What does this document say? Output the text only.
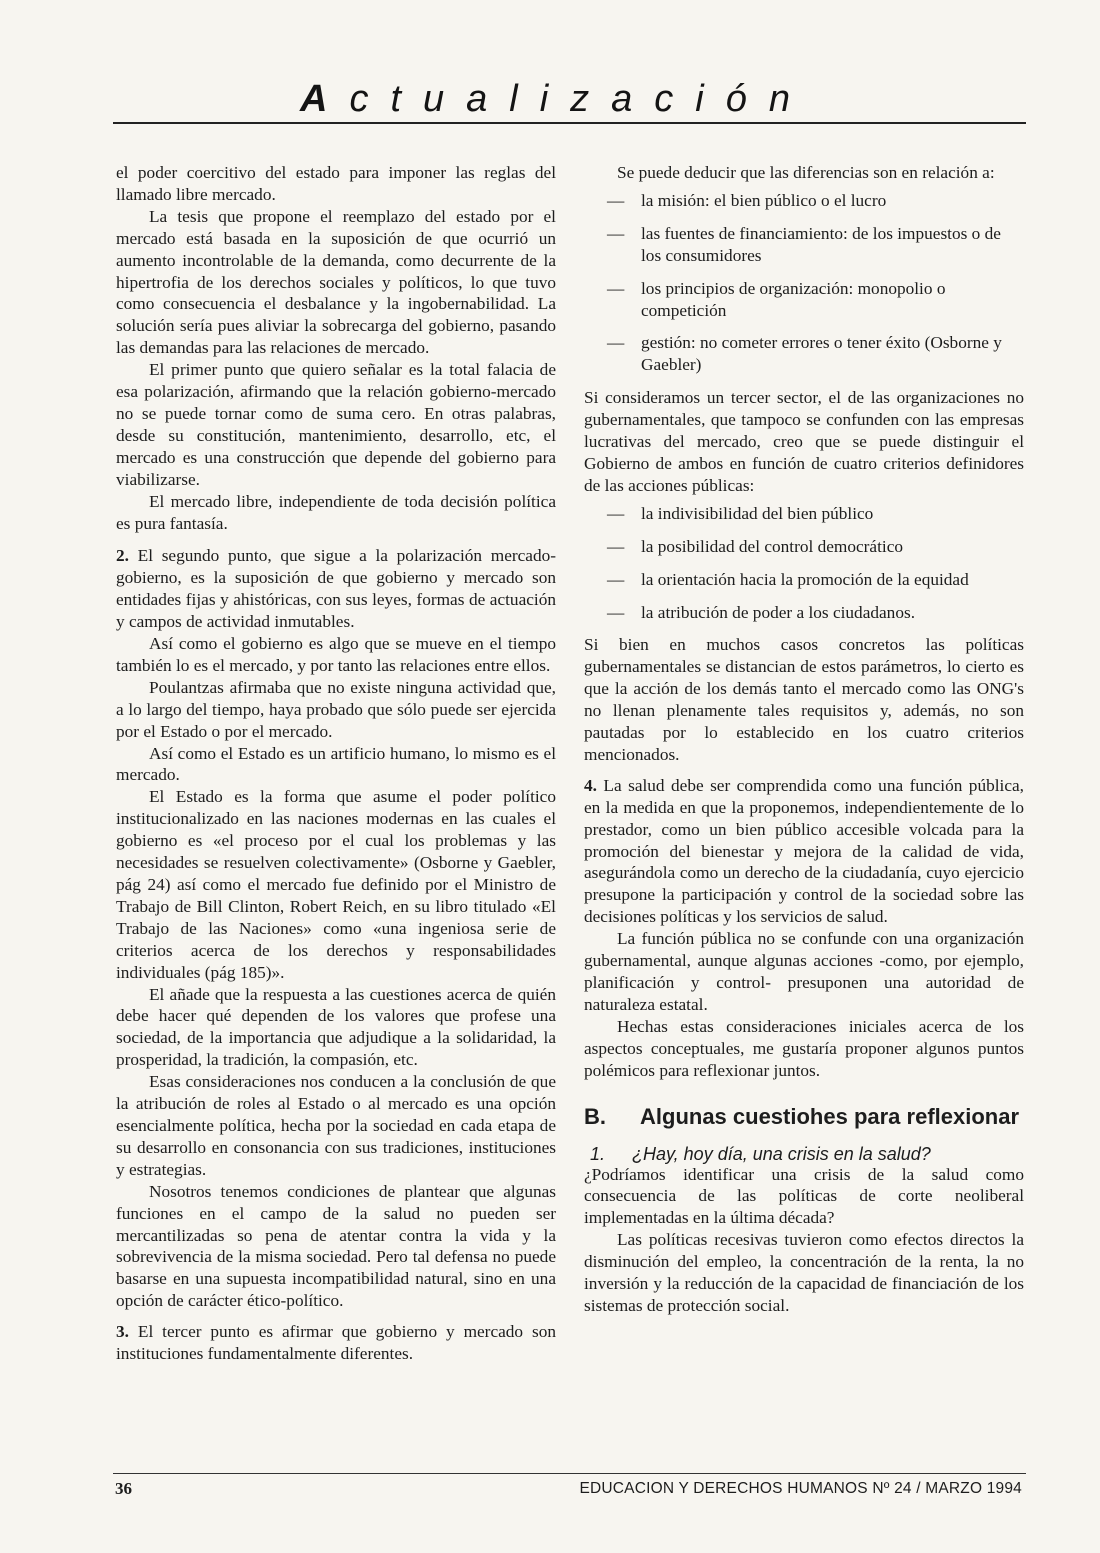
Actualización

el poder coercitivo del estado para imponer las reglas del llamado libre mercado.

La tesis que propone el reemplazo del estado por el mercado está basada en la suposición de que ocurrió un aumento incontrolable de la demanda, como decurrente de la hipertrofia de los derechos sociales y políticos, lo que tuvo como consecuencia el desbalance y la ingobernabilidad. La solución sería pues aliviar la sobrecarga del gobierno, pasando las demandas para las relaciones de mercado.

El primer punto que quiero señalar es la total falacia de esa polarización, afirmando que la relación gobierno-mercado no se puede tornar como de suma cero. En otras palabras, desde su constitución, mantenimiento, desarrollo, etc, el mercado es una construcción que depende del gobierno para viabilizarse.

El mercado libre, independiente de toda decisión política es pura fantasía.

2. El segundo punto, que sigue a la polarización mercado-gobierno, es la suposición de que gobierno y mercado son entidades fijas y ahistóricas, con sus leyes, formas de actuación y campos de actividad inmutables.

Así como el gobierno es algo que se mueve en el tiempo también lo es el mercado, y por tanto las relaciones entre ellos.

Poulantzas afirmaba que no existe ninguna actividad que, a lo largo del tiempo, haya probado que sólo puede ser ejercida por el Estado o por el mercado.

Así como el Estado es un artificio humano, lo mismo es el mercado.

El Estado es la forma que asume el poder político institucionalizado en las naciones modernas en las cuales el gobierno es «el proceso por el cual los problemas y las necesidades se resuelven colectivamente» (Osborne y Gaebler, pág 24) así como el mercado fue definido por el Ministro de Trabajo de Bill Clinton, Robert Reich, en su libro titulado «El Trabajo de las Naciones» como «una ingeniosa serie de criterios acerca de los derechos y responsabilidades individuales (pág 185)».

El añade que la respuesta a las cuestiones acerca de quién debe hacer qué dependen de los valores que profese una sociedad, de la importancia que adjudique a la solidaridad, la prosperidad, la tradición, la compasión, etc.

Esas consideraciones nos conducen a la conclusión de que la atribución de roles al Estado o al mercado es una opción esencialmente política, hecha por la sociedad en cada etapa de su desarrollo en consonancia con sus tradiciones, instituciones y estrategias.

Nosotros tenemos condiciones de plantear que algunas funciones en el campo de la salud no pueden ser mercantilizadas so pena de atentar contra la vida y la sobrevivencia de la misma sociedad. Pero tal defensa no puede basarse en una supuesta incompatibilidad natural, sino en una opción de carácter ético-político.

3. El tercer punto es afirmar que gobierno y mercado son instituciones fundamentalmente diferentes.

Se puede deducir que las diferencias son en relación a:

— la misión: el bien público o el lucro
— las fuentes de financiamiento: de los impuestos o de los consumidores
— los principios de organización: monopolio o competición
— gestión: no cometer errores o tener éxito (Osborne y Gaebler)

Si consideramos un tercer sector, el de las organizaciones no gubernamentales, que tampoco se confunden con las empresas lucrativas del mercado, creo que se puede distinguir el Gobierno de ambos en función de cuatro criterios definidores de las acciones públicas:

— la indivisibilidad del bien público
— la posibilidad del control democrático
— la orientación hacia la promoción de la equidad
— la atribución de poder a los ciudadanos.

Si bien en muchos casos concretos las políticas gubernamentales se distancian de estos parámetros, lo cierto es que la acción de los demás tanto el mercado como las ONG's no llenan plenamente tales requisitos y, además, no son pautadas por lo establecido en los cuatro criterios mencionados.

4. La salud debe ser comprendida como una función pública, en la medida en que la proponemos, independientemente de lo prestador, como un bien público accesible volcada para la promoción del bienestar y mejora de la calidad de vida, asegurándola como un derecho de la ciudadanía, cuyo ejercicio presupone la participación y control de la sociedad sobre las decisiones políticas y los servicios de salud.

La función pública no se confunde con una organización gubernamental, aunque algunas acciones -como, por ejemplo, planificación y control- presuponen una autoridad de naturaleza estatal.

Hechas estas consideraciones iniciales acerca de los aspectos conceptuales, me gustaría proponer algunos puntos polémicos para reflexionar juntos.

B.	Algunas cuestiohes para reflexionar
1.	¿Hay, hoy día, una crisis en la salud?

¿Podríamos identificar una crisis de la salud como consecuencia de las políticas de corte neoliberal implementadas en la última década?

Las políticas recesivas tuvieron como efectos directos la disminución del empleo, la concentración de la renta, la no inversión y la reducción de la capacidad de financiación de los sistemas de protección social.

36	EDUCACION Y DERECHOS HUMANOS Nº 24 / MARZO 1994
